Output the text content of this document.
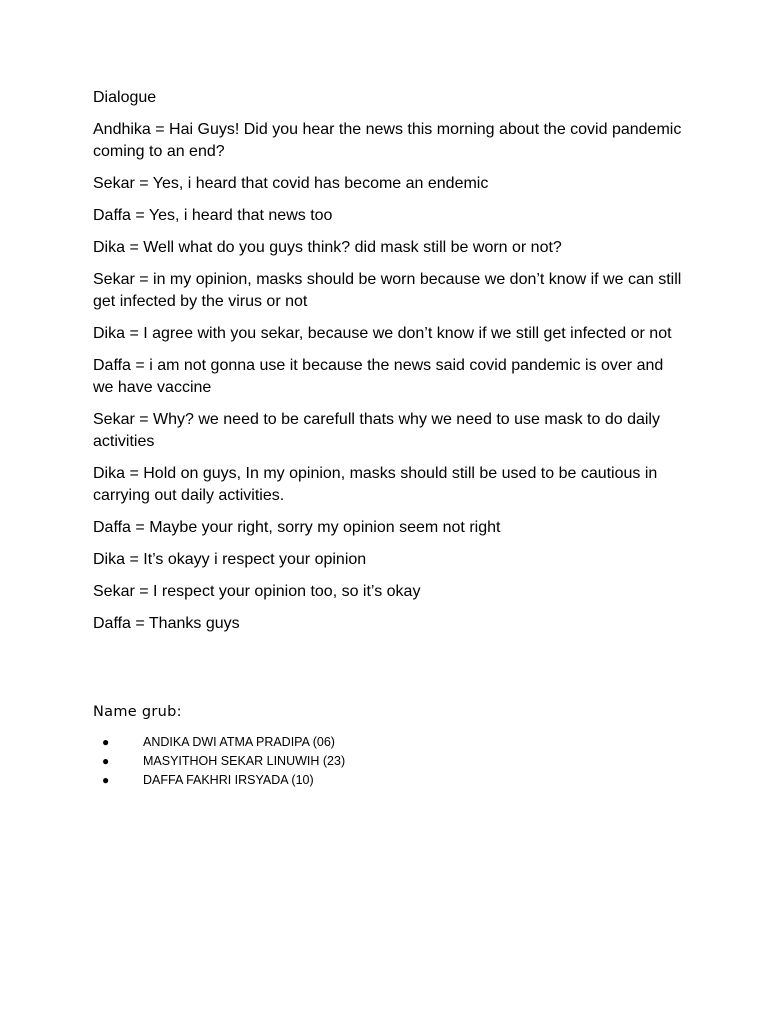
Dialogue

Andhika = Hai Guys! Did you hear the news this morning about the covid pandemic coming to an end?
Sekar = Yes, i heard that covid has become an endemic
Daffa = Yes, i heard that news too
Dika = Well what do you guys think? did mask still be worn or not?
Sekar = in my opinion, masks should be worn because we don’t know if we can still get infected by the virus or not
Dika = I agree with you sekar, because we don’t know if we still get infected or not
Daffa = i am not gonna use it because the news said covid pandemic is over and we have vaccine
Sekar = Why? we need to be carefull thats why we need to use mask to do daily activities
Dika = Hold on guys, In my opinion, masks should still be used to be cautious in carrying out daily activities.
Daffa = Maybe your right, sorry my opinion seem not right
Dika = It’s okayy i respect your opinion
Sekar = I respect your opinion too, so it’s okay
Daffa = Thanks guys

Name grub:

●	ANDIKA DWI ATMA PRADIPA (06)
●	MASYITHOH SEKAR LINUWIH (23)
●	DAFFA FAKHRI IRSYADA (10)
